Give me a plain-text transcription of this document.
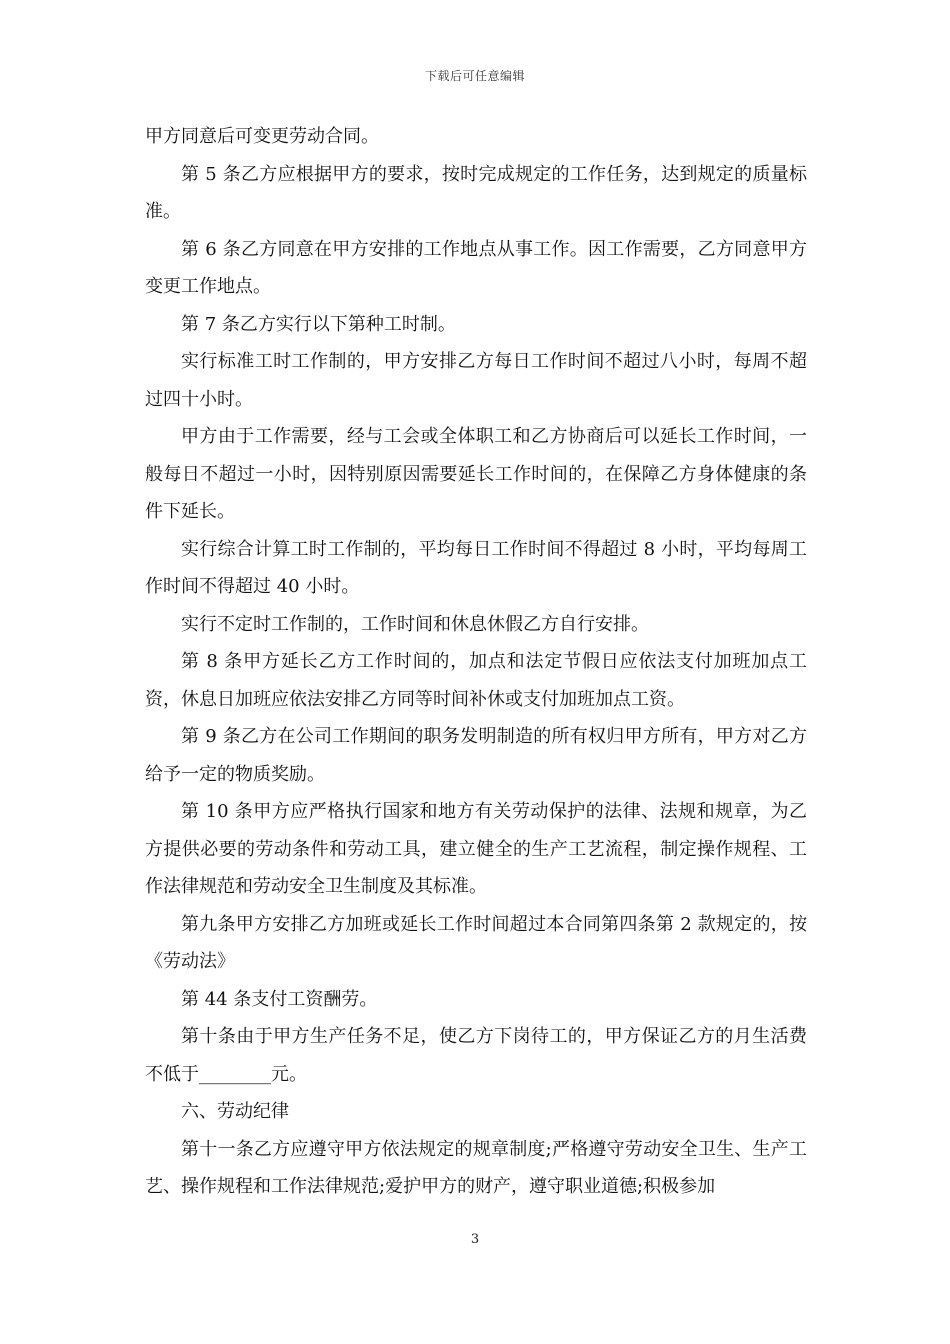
下载后可任意编辑

甲方同意后可变更劳动合同。

第 5 条乙方应根据甲方的要求，按时完成规定的工作任务，达到规定的质量标准。

第 6 条乙方同意在甲方安排的工作地点从事工作。因工作需要，乙方同意甲方变更工作地点。

第 7 条乙方实行以下第种工时制。

实行标准工时工作制的，甲方安排乙方每日工作时间不超过八小时，每周不超过四十小时。

甲方由于工作需要，经与工会或全体职工和乙方协商后可以延长工作时间，一般每日不超过一小时，因特别原因需要延长工作时间的，在保障乙方身体健康的条件下延长。

实行综合计算工时工作制的，平均每日工作时间不得超过 8 小时，平均每周工作时间不得超过 40 小时。

实行不定时工作制的，工作时间和休息休假乙方自行安排。

第 8 条甲方延长乙方工作时间的，加点和法定节假日应依法支付加班加点工资，休息日加班应依法安排乙方同等时间补休或支付加班加点工资。

第 9 条乙方在公司工作期间的职务发明制造的所有权归甲方所有，甲方对乙方给予一定的物质奖励。

第 10 条甲方应严格执行国家和地方有关劳动保护的法律、法规和规章，为乙方提供必要的劳动条件和劳动工具，建立健全的生产工艺流程，制定操作规程、工作法律规范和劳动安全卫生制度及其标准。

第九条甲方安排乙方加班或延长工作时间超过本合同第四条第 2 款规定的，按《劳动法》

第 44 条支付工资酬劳。

第十条由于甲方生产任务不足，使乙方下岗待工的，甲方保证乙方的月生活费不低于________元。

六、劳动纪律

第十一条乙方应遵守甲方依法规定的规章制度;严格遵守劳动安全卫生、生产工艺、操作规程和工作法律规范;爱护甲方的财产，遵守职业道德;积极参加

3
